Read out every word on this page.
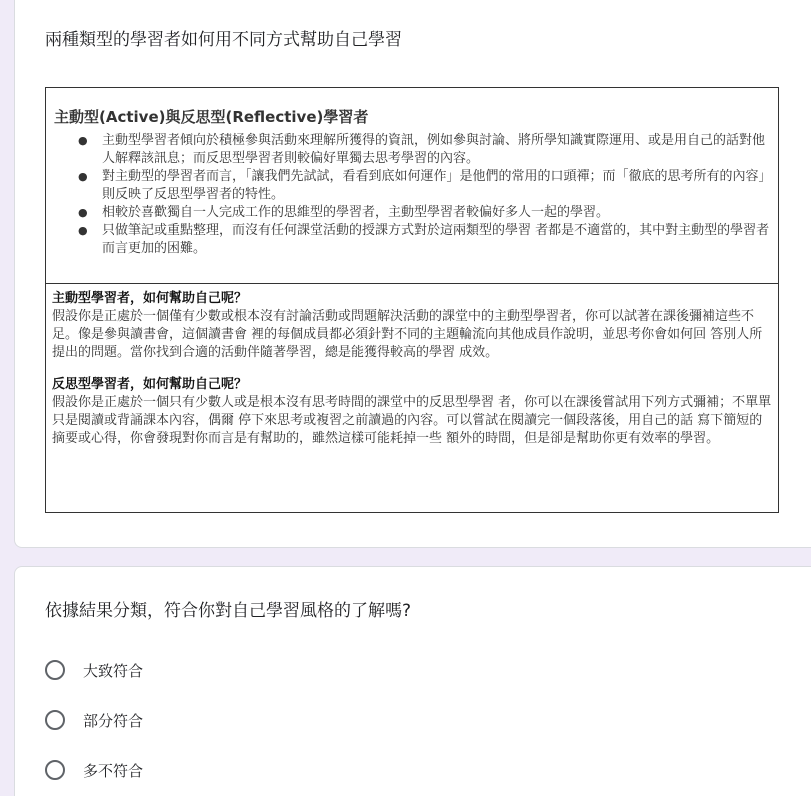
兩種類型的學習者如何用不同方式幫助自己學習
主動型(Active)與反思型(Reflective)學習者
● 主動型學習者傾向於積極參與活動來理解所獲得的資訊，例如參與討論、將所學知識實際運用、或是用自己的話對他人解釋該訊息；而反思型學習者則較偏好單獨去思考學習的內容。
● 對主動型的學習者而言，「讓我們先試試，看看到底如何運作」是他們的常用的口頭禪；而「徹底的思考所有的內容」則反映了反思型學習者的特性。
● 相較於喜歡獨自一人完成工作的思維型的學習者，主動型學習者較偏好多人一起的學習。
● 只做筆記或重點整理，而沒有任何課堂活動的授課方式對於這兩類型的學習 者都是不適當的，其中對主動型的學習者而言更加的困難。
主動型學習者，如何幫助自己呢？

假設你是正處於一個僅有少數或根本沒有討論活動或問題解決活動的課堂中的主動型學習者，你可以試著在課後彌補這些不足。像是參與讀書會，這個讀書會 裡的每個成員都必須針對不同的主題輪流向其他成員作說明，並思考你會如何回 答別人所提出的問題。當你找到合適的活動伴隨著學習，總是能獲得較高的學習 成效。

反思型學習者，如何幫助自己呢？

假設你是正處於一個只有少數人或是根本沒有思考時間的課堂中的反思型學習 者，你可以在課後嘗試用下列方式彌補；不單單只是閱讀或背誦課本內容，偶爾 停下來思考或複習之前讀過的內容。可以嘗試在閱讀完一個段落後，用自己的話 寫下簡短的摘要或心得，你會發現對你而言是有幫助的，雖然這樣可能耗掉一些 額外的時間，但是卻是幫助你更有效率的學習。

依據結果分類，符合你對自己學習風格的了解嗎?
大致符合
部分符合
多不符合
